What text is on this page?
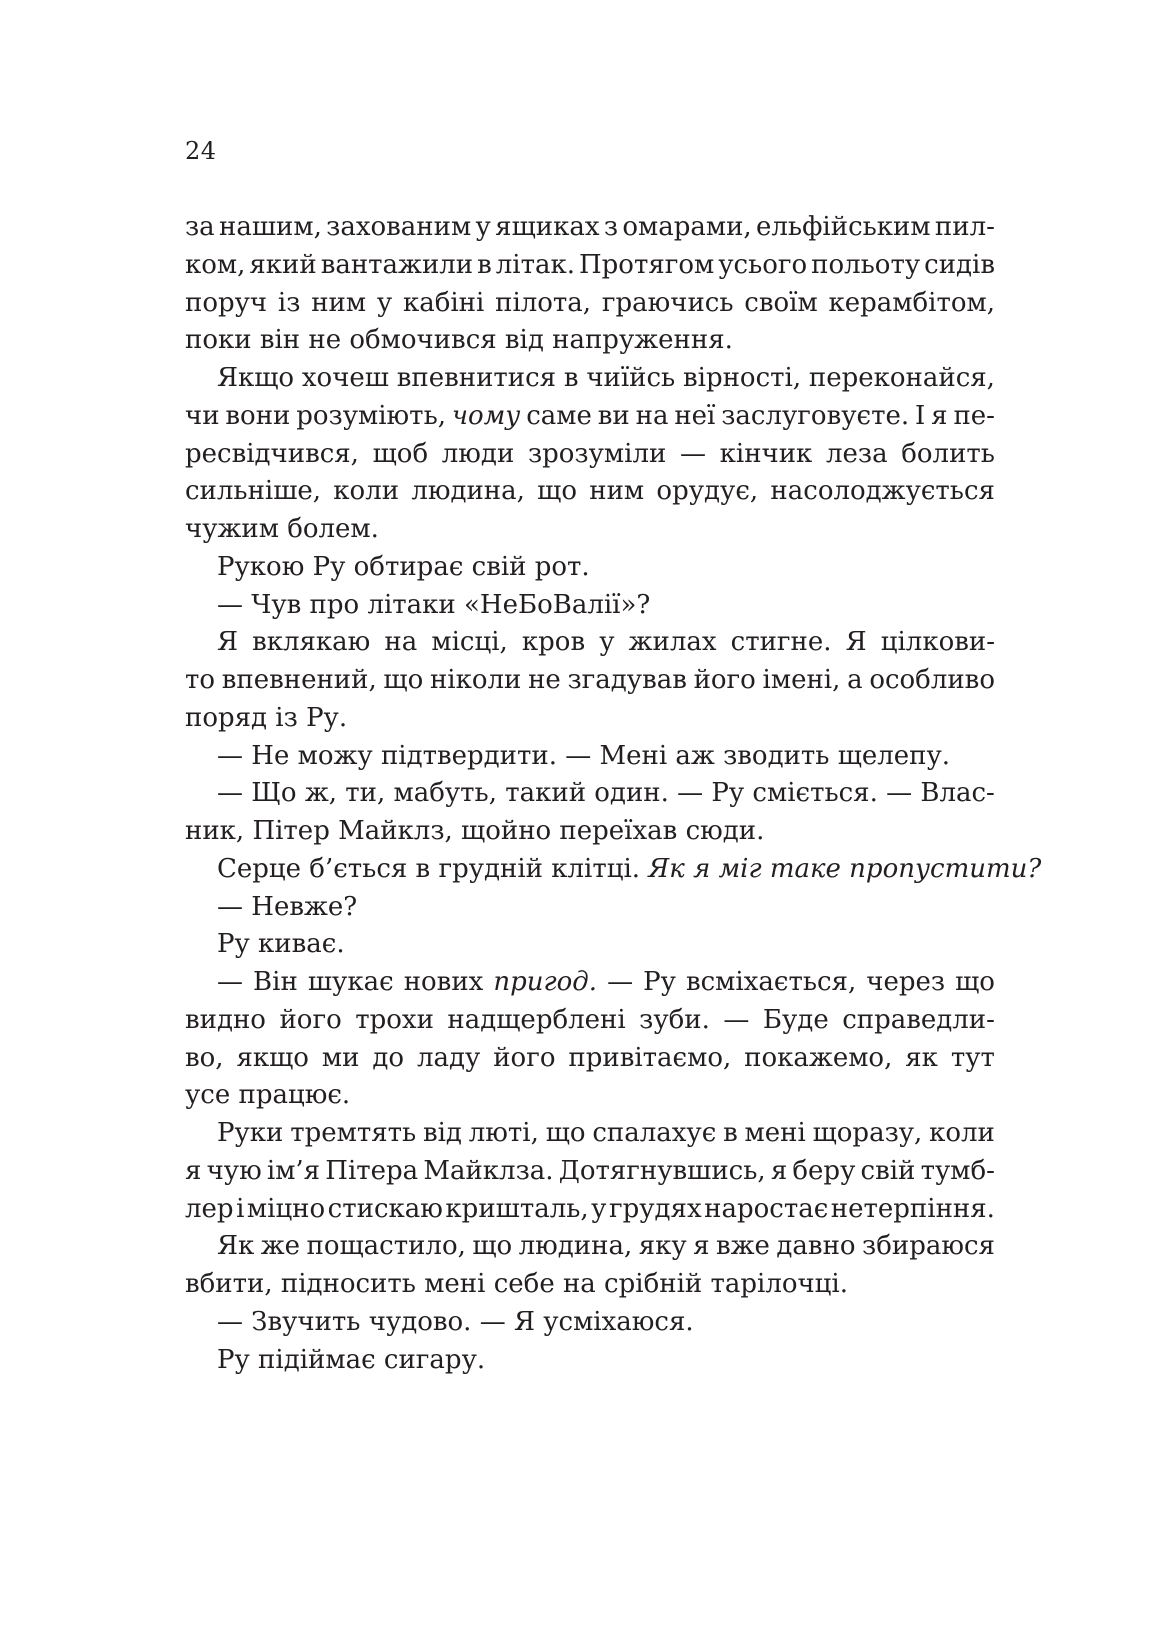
24
за нашим, захованим у ящиках з омарами, ельфійським пил-
ком, який вантажили в літак. Протягом усього польоту сидів
поруч із ним у кабіні пілота, граючись своїм керамбітом,
поки він не обмочився від напруження.
Якщо хочеш впевнитися в чиїйсь вірності, переконайся,
чи вони розуміють, чому саме ви на неї заслуговуєте. І я пе-
ресвідчився, щоб люди зрозуміли — кінчик леза болить
сильніше, коли людина, що ним орудує, насолоджується
чужим болем.
Рукою Ру обтирає свій рот.
— Чув про літаки «НеБоВалії»?
Я вклякаю на місці, кров у жилах стигне. Я цілкови-
то впевнений, що ніколи не згадував його імені, а особливо
поряд із Ру.
— Не можу підтвердити. — Мені аж зводить щелепу.
— Що ж, ти, мабуть, такий один. — Ру сміється. — Влас-
ник, Пітер Майклз, щойно переїхав сюди.
Серце б’ється в грудній клітці. Як я міг таке пропустити?
— Невже?
Ру киває.
— Він шукає нових пригод. — Ру всміхається, через що
видно його трохи надщерблені зуби. — Буде справедли-
во, якщо ми до ладу його привітаємо, покажемо, як тут
усе працює.
Руки тремтять від люті, що спалахує в мені щоразу, коли
я чую ім’я Пітера Майклза. Дотягнувшись, я беру свій тумб-
лер і міцно стискаю кришталь, у грудях наростає нетерпіння.
Як же пощастило, що людина, яку я вже давно збираюся
вбити, підносить мені себе на срібній тарілочці.
— Звучить чудово. — Я усміхаюся.
Ру підіймає сигару.
